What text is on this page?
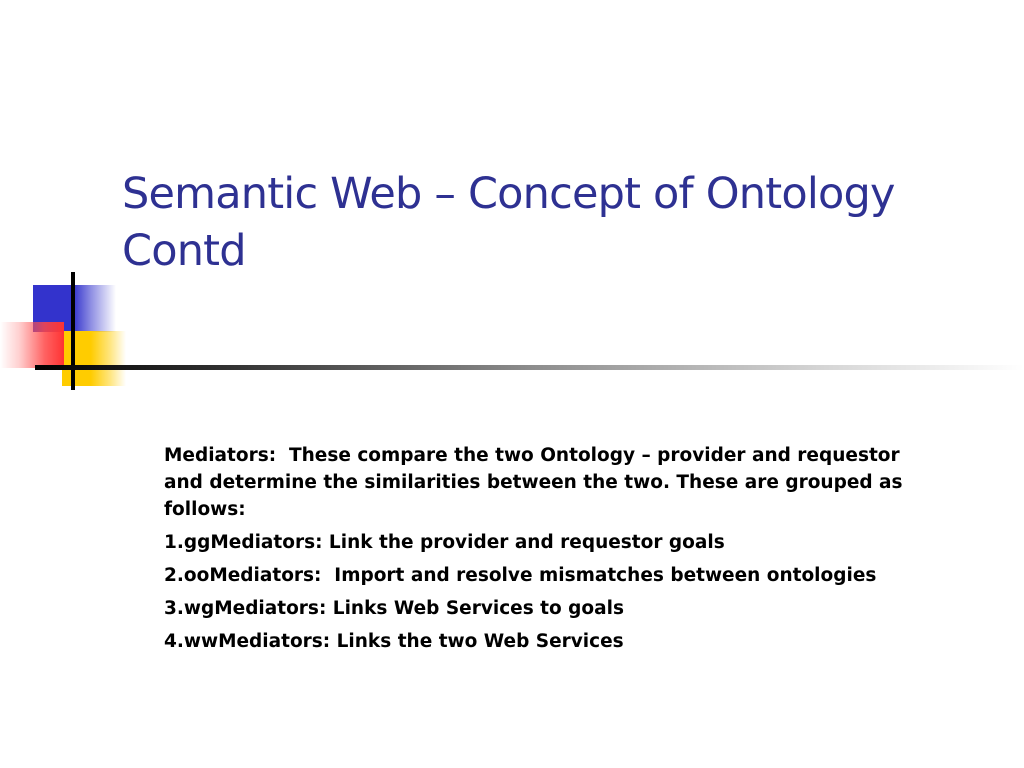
Semantic Web – Concept of Ontology
Contd

Mediators:  These compare the two Ontology – provider and requestor and determine the similarities between the two. These are grouped as follows:

1.ggMediators: Link the provider and requestor goals

2.ooMediators:  Import and resolve mismatches between ontologies

3.wgMediators: Links Web Services to goals

4.wwMediators: Links the two Web Services
